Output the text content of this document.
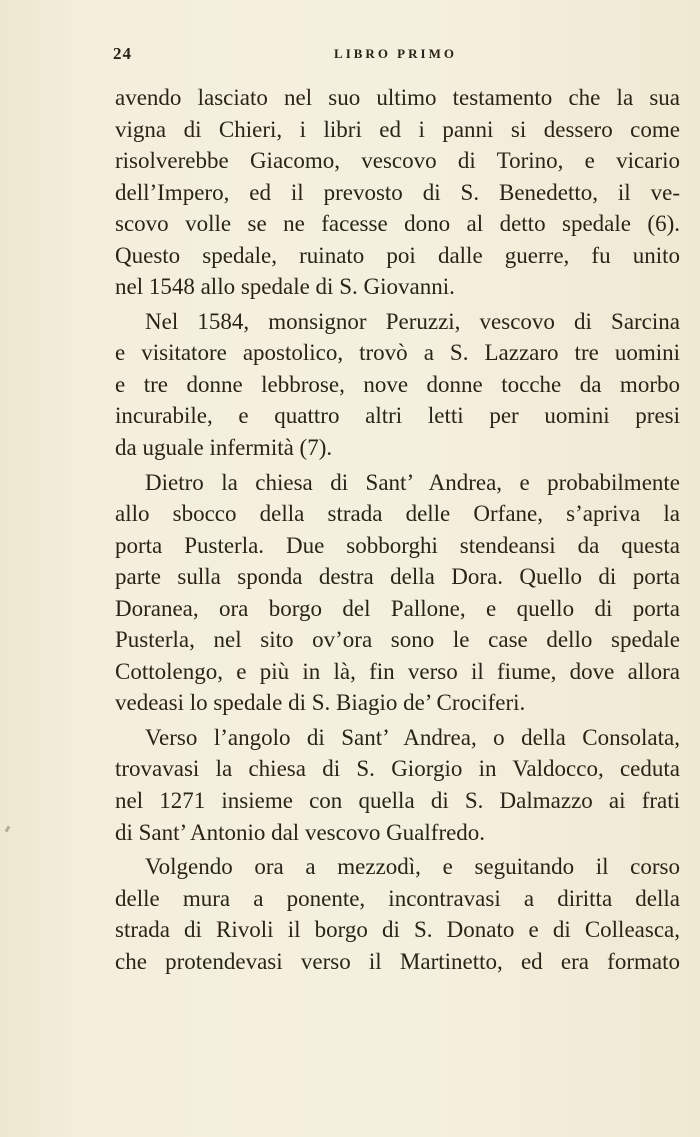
24	LIBRO PRIMO
avendo lasciato nel suo ultimo testamento che la sua
vigna di Chieri, i libri ed i panni si dessero come
risolverebbe Giacomo, vescovo di Torino, e vicario
dell’Impero, ed il prevosto di S. Benedetto, il ve-
scovo volle se ne facesse dono al detto spedale (6).
Questo spedale, ruinato poi dalle guerre, fu unito
nel 1548 allo spedale di S. Giovanni.
Nel 1584, monsignor Peruzzi, vescovo di Sarcina
e visitatore apostolico, trovò a S. Lazzaro tre uomini
e tre donne lebbrose, nove donne tocche da morbo
incurabile, e quattro altri letti per uomini presi
da uguale infermità (7).
Dietro la chiesa di Sant’ Andrea, e probabilmente
allo sbocco della strada delle Orfane, s’apriva la
porta Pusterla. Due sobborghi stendeansi da questa
parte sulla sponda destra della Dora. Quello di porta
Doranea, ora borgo del Pallone, e quello di porta
Pusterla, nel sito ov’ora sono le case dello spedale
Cottolengo, e più in là, fin verso il fiume, dove allora
vedeasi lo spedale di S. Biagio de’ Crociferi.
Verso l’angolo di Sant’ Andrea, o della Consolata,
trovavasi la chiesa di S. Giorgio in Valdocco, ceduta
nel 1271 insieme con quella di S. Dalmazzo ai frati
di Sant’ Antonio dal vescovo Gualfredo.
Volgendo ora a mezzodì, e seguitando il corso
delle mura a ponente, incontravasi a diritta della
strada di Rivoli il borgo di S. Donato e di Colleasca,
che protendevasi verso il Martinetto, ed era formato
